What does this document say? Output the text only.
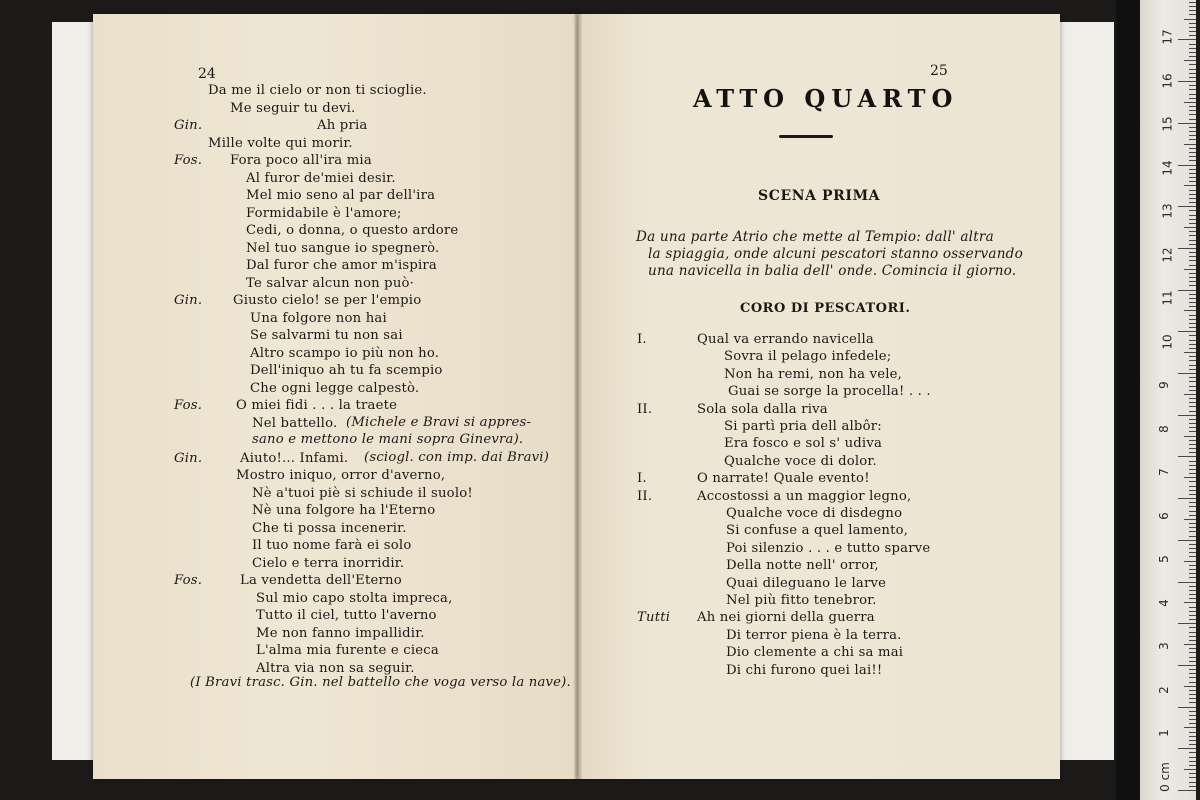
24
Da me il cielo or non ti scioglie.
Me seguir tu devi.
Gin.	Ah pria
Mille volte qui morir.
Fos. Fora poco all'ira mia
Al furor de'miei desir.
Mel mio seno al par dell'ira
Formidabile è l'amore;
Cedi, o donna, o questo ardore
Nel tuo sangue io spegnerò.
Dal furor che amor m'ispira
Te salvar alcun non può·
Gin. Giusto cielo! se per l'empio
Una folgore non hai
Se salvarmi tu non sai
Altro scampo io più non ho.
Dell'iniquo ah tu fa scempio
Che ogni legge calpestò.
Fos.	O miei fidi . . . la traete
Nel battello.
Gin.	Aiuto!... Infami.
Mostro iniquo, orror d'averno,
Nè a'tuoi piè si schiude il suolo!
Nè una folgore ha l'Eterno
Che ti possa incenerir.
Il tuo nome farà ei solo
Cielo e terra inorridir.
Fos.	La vendetta dell'Eterno
Sul mio capo stolta impreca,
Tutto il ciel, tutto l'averno
Me non fanno impallidir.
L'alma mia furente e cieca
Altra via non sa seguir.
(Michele e Bravi si appres-
sano e mettono le mani sopra Ginevra).
(sciogl. con imp. dai Bravi)
(I Bravi trasc. Gin. nel battello che voga verso la nave).
25
ATTO QUARTO
SCENA PRIMA
Da una parte Atrio che mette al Tempio: dall' altra
la spiaggia, onde alcuni pescatori stanno osservando
una navicella in balia dell' onde. Comincia il giorno.
CORO DI PESCATORI.
I.	Qual va errando navicella
Sovra il pelago infedele;
Non ha remi, non ha vele,
Guai se sorge la procella! . . .
II.	Sola sola dalla riva
Si partì pria dell albôr:
Era fosco e sol s' udiva
Qualche voce di dolor.
I.	O narrate! Quale evento!
II.	Accostossi a un maggior legno,
Qualche voce di disdegno
Si confuse a quel lamento,
Poi silenzio . . . e tutto sparve
Della notte nell' orror,
Quai dileguano le larve
Nel più fitto tenebror.
Tutti Ah nei giorni della guerra
Di terror piena è la terra.
Dio clemente a chi sa mai
Di chi furono quei lai!!
17
16
15
14
13
12
11
10
9
8
7
6
5
4
3
2
1
0 cm
